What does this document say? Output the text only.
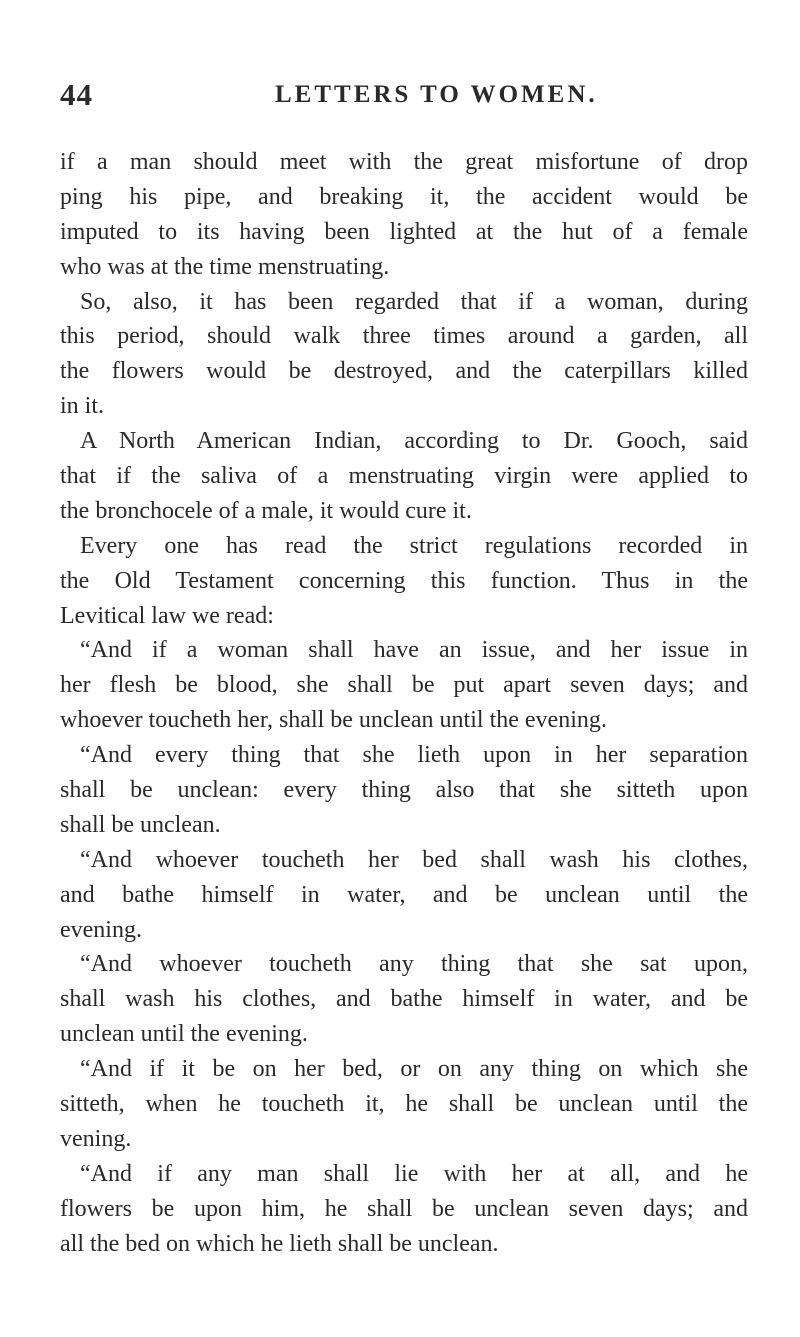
44	LETTERS TO WOMEN.
if a man should meet with the great misfortune of drop
ping his pipe, and breaking it, the accident would be
imputed to its having been lighted at the hut of a female
who was at the time menstruating.
So, also, it has been regarded that if a woman, during
this period, should walk three times around a garden, all
the flowers would be destroyed, and the caterpillars killed
in it.
A North American Indian, according to Dr. Gooch, said
that if the saliva of a menstruating virgin were applied to
the bronchocele of a male, it would cure it.
Every one has read the strict regulations recorded in
the Old Testament concerning this function. Thus in the
Levitical law we read:
“And if a woman shall have an issue, and her issue in
her flesh be blood, she shall be put apart seven days; and
whoever toucheth her, shall be unclean until the evening.
“And every thing that she lieth upon in her separation
shall be unclean: every thing also that she sitteth upon
shall be unclean.
“And whoever toucheth her bed shall wash his clothes,
and bathe himself in water, and be unclean until the
evening.
“And whoever toucheth any thing that she sat upon,
shall wash his clothes, and bathe himself in water, and be
unclean until the evening.
“And if it be on her bed, or on any thing on which she
sitteth, when he toucheth it, he shall be unclean until the
vening.
“And if any man shall lie with her at all, and he
flowers be upon him, he shall be unclean seven days; and
all the bed on which he lieth shall be unclean.
